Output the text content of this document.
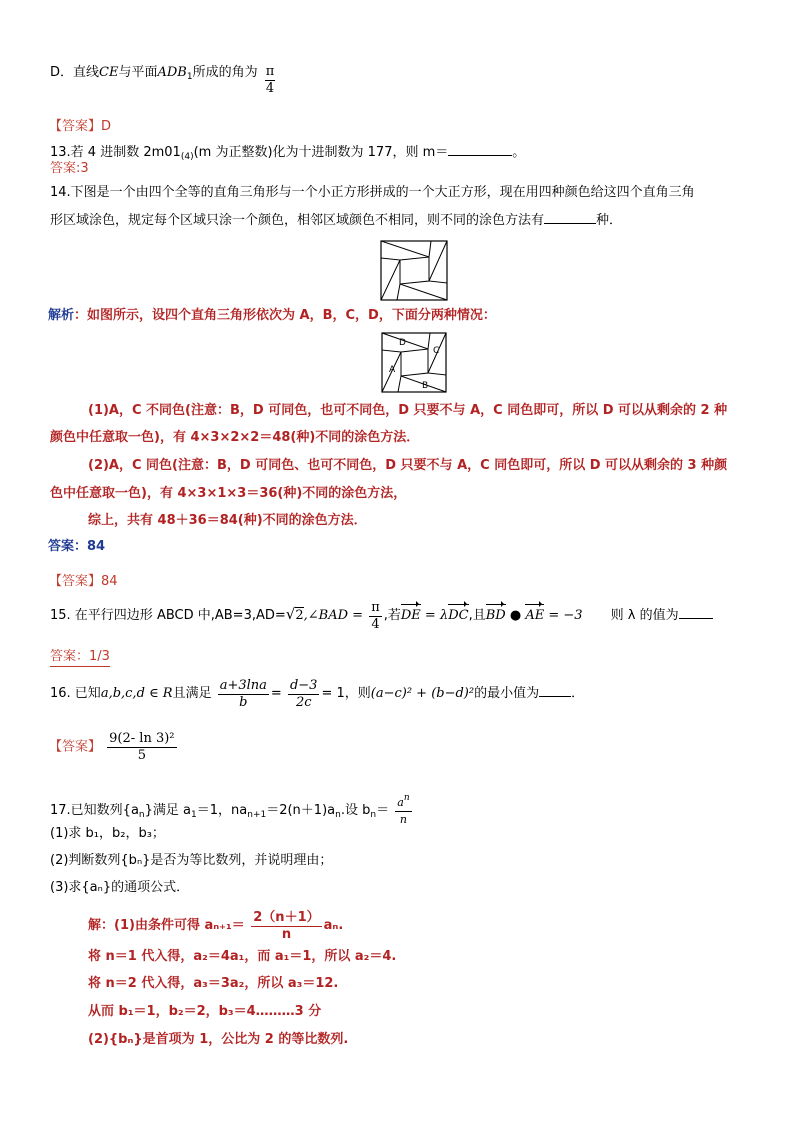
D．直线CE与平面$ADB_1$所成的角为 $\frac{\pi}{4}$
【答案】D
13.若 4 进制数 $2m01_{(4)}(m$ 为正整数)化为十进制数为 177，则 m＝	。
答案:3
14.下图是一个由四个全等的直角三角形与一个小正方形拼成的一个大正方形，现在用四种颜色给这四个直角三角
形区域涂色，规定每个区域只涂一个颜色，相邻区域颜色不相同，则不同的涂色方法有	种．
解析：如图所示，设四个直角三角形依次为 A，B，C，D，下面分两种情况：
D
C
A
B
(1)A，C 不同色(注意：B，D 可同色，也可不同色，D 只要不与 A，C 同色即可，所以 D 可以从剩余的 2 种
颜色中任意取一色)，有 4×3×2×2＝48(种)不同的涂色方法．
(2)A，C 同色(注意：B，D 可同色、也可不同色，D 只要不与 A，C 同色即可，所以 D 可以从剩余的 3 种颜
色中任意取一色)，有 4×3×1×3＝36(种)不同的涂色方法，
综上，共有 48＋36＝84(种)不同的涂色方法．
答案：84
【答案】84
15. 在平行四边形 ABCD 中,AB=3,AD=√2,∠BAD = $\frac{\pi}{4}$ ,若DE = λDC,且BD ● AE = −3 则 λ 的值为
答案：1/3
16. 已知a,b,c,d ∈ R且满足 $\frac{a+3\ln a}{b} = \frac{d-3}{2c} = 1$，则(a−c)² + (b−d)²的最小值为 ．
【答案】 $\frac{\text{9(2- ln 3)²}}{5}$
17.已知数列$\{a_n\}$满足 $a_1=1$，$na_{n+1}=2(n+1)a_n$.设 $b_n= \frac{a^n}{n}$
(1)求 b₁，b₂，b₃；
(2)判断数列{bₙ}是否为等比数列，并说明理由；
(3)求{aₙ}的通项公式．
解：(1)由条件可得 $a_{n+1}= \frac{2(n+1)}{n} a_n$.
将 n＝1 代入得，a₂＝4a₁，而 a₁＝1，所以 a₂＝4.
将 n＝2 代入得，a₃＝3a₂，所以 a₃＝12.
从而 b₁＝1，b₂＝2，b₃＝4………3 分
(2){bₙ}是首项为 1，公比为 2 的等比数列.
